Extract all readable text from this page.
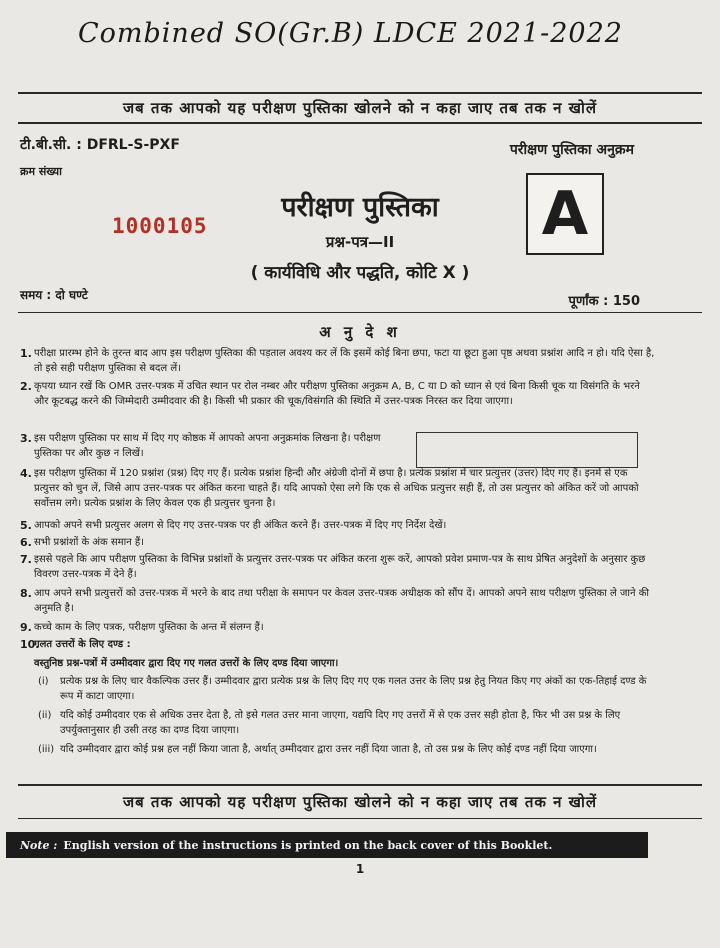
Combined SO(Gr.B) LDCE 2021-2022
जब तक आपको यह परीक्षण पुस्तिका खोलने को न कहा जाए तब तक न खोलें
टी.बी.सी. : DFRL-S-PXF	परीक्षण पुस्तिका अनुक्रम
क्रम संख्या
परीक्षण पुस्तिका
1000105	A
प्रश्न-पत्र—II
( कार्यविधि और पद्धति, कोटि X )
समय : दो घण्टे	पूर्णांक : 150
अ नु दे श
1. परीक्षा प्रारम्भ होने के तुरन्त बाद आप इस परीक्षण पुस्तिका की पड़ताल अवश्य कर लें कि इसमें कोई बिना छपा, फटा या छूटा हुआ पृष्ठ अथवा प्रश्नांश आदि न हो। यदि ऐसा है, तो इसे सही परीक्षण पुस्तिका से बदल लें।
2. कृपया ध्यान रखें कि OMR उत्तर-पत्रक में उचित स्थान पर रोल नम्बर और परीक्षण पुस्तिका अनुक्रम A, B, C या D को ध्यान से एवं बिना किसी चूक या विसंगति के भरने और कूटबद्ध करने की जिम्मेदारी उम्मीदवार की है। किसी भी प्रकार की चूक/विसंगति की स्थिति में उत्तर-पत्रक निरस्त कर दिया जाएगा।
3. इस परीक्षण पुस्तिका पर साथ में दिए गए कोष्ठक में आपको अपना अनुक्रमांक लिखना है। परीक्षण पुस्तिका पर और कुछ न लिखें।
4. इस परीक्षण पुस्तिका में 120 प्रश्नांश (प्रश्न) दिए गए हैं। प्रत्येक प्रश्नांश हिन्दी और अंग्रेजी दोनों में छपा है। प्रत्येक प्रश्नांश में चार प्रत्युत्तर (उत्तर) दिए गए हैं। इनमें से एक प्रत्युत्तर को चुन लें, जिसे आप उत्तर-पत्रक पर अंकित करना चाहते हैं। यदि आपको ऐसा लगे कि एक से अधिक प्रत्युत्तर सही हैं, तो उस प्रत्युत्तर को अंकित करें जो आपको सर्वोत्तम लगे। प्रत्येक प्रश्नांश के लिए केवल एक ही प्रत्युत्तर चुनना है।
5. आपको अपने सभी प्रत्युत्तर अलग से दिए गए उत्तर-पत्रक पर ही अंकित करने हैं। उत्तर-पत्रक में दिए गए निर्देश देखें।
6. सभी प्रश्नांशों के अंक समान हैं।
7. इससे पहले कि आप परीक्षण पुस्तिका के विभिन्न प्रश्नांशों के प्रत्युत्तर उत्तर-पत्रक पर अंकित करना शुरू करें, आपको प्रवेश प्रमाण-पत्र के साथ प्रेषित अनुदेशों के अनुसार कुछ विवरण उत्तर-पत्रक में देने हैं।
8. आप अपने सभी प्रत्युत्तरों को उत्तर-पत्रक में भरने के बाद तथा परीक्षा के समापन पर केवल उत्तर-पत्रक अधीक्षक को सौंप दें। आपको अपने साथ परीक्षण पुस्तिका ले जाने की अनुमति है।
9. कच्चे काम के लिए पत्रक, परीक्षण पुस्तिका के अन्त में संलग्न हैं।
10.
गलत उत्तरों के लिए दण्ड :
वस्तुनिष्ठ प्रश्न-पत्रों में उम्मीदवार द्वारा दिए गए गलत उत्तरों के लिए दण्ड दिया जाएगा।
(i) प्रत्येक प्रश्न के लिए चार वैकल्पिक उत्तर हैं। उम्मीदवार द्वारा प्रत्येक प्रश्न के लिए दिए गए एक गलत उत्तर के लिए प्रश्न हेतु नियत किए गए अंकों का एक-तिहाई दण्ड के रूप में काटा जाएगा।
(ii) यदि कोई उम्मीदवार एक से अधिक उत्तर देता है, तो इसे गलत उत्तर माना जाएगा, यद्यपि दिए गए उत्तरों में से एक उत्तर सही होता है, फिर भी उस प्रश्न के लिए उपर्युक्तानुसार ही उसी तरह का दण्ड दिया जाएगा।
(iii) यदि उम्मीदवार द्वारा कोई प्रश्न हल नहीं किया जाता है, अर्थात् उम्मीदवार द्वारा उत्तर नहीं दिया जाता है, तो उस प्रश्न के लिए कोई दण्ड नहीं दिया जाएगा।
जब तक आपको यह परीक्षण पुस्तिका खोलने को न कहा जाए तब तक न खोलें
Note : English version of the instructions is printed on the back cover of this Booklet.
1
